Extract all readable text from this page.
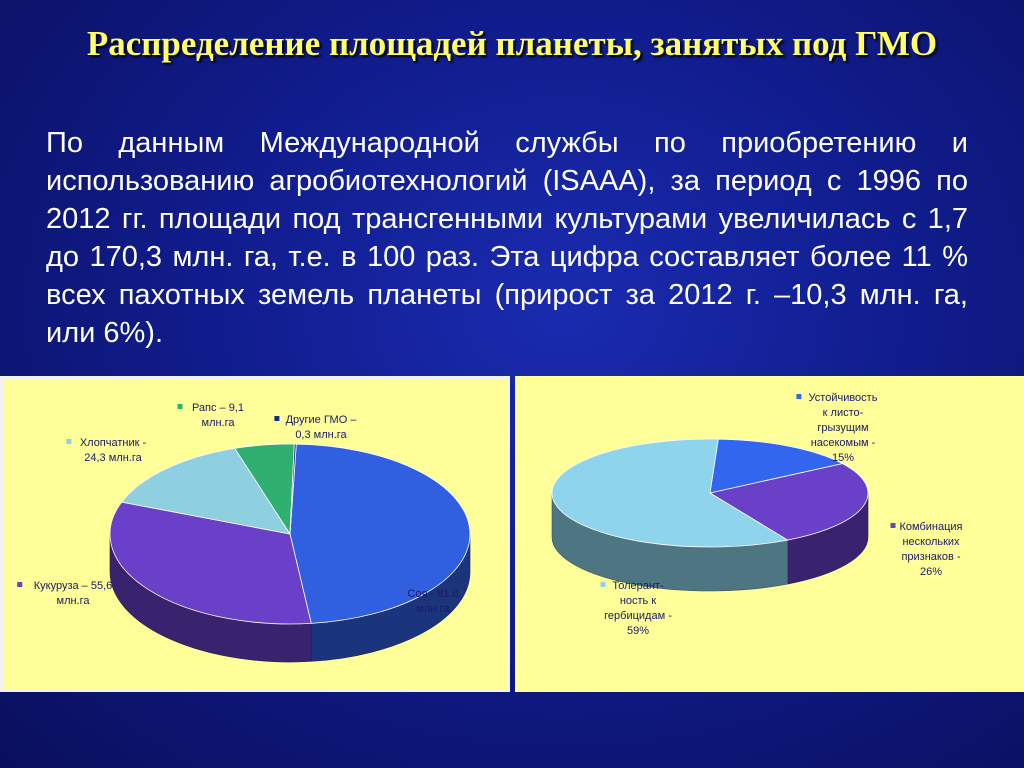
Распределение площадей планеты, занятых под ГМО
По данным Международной службы по приобретению и использованию агробиотехнологий (ISAAA), за период с 1996 по 2012 гг. площади под трансгенными культурами увеличилась с 1,7 до 170,3 млн. га, т.е. в 100 раз. Эта цифра составляет более 11 % всех пахотных земель планеты (прирост за 2012 г. –10,3 млн. га, или 6%).
Соя - 81,0
млн.га
Кукуруза – 55,6
млн.га
Хлопчатник -
24,3 млн.га
Рапс – 9,1
млн.га	Другие ГМО –
0,3 млн.га
Устойчивость
к листо-
грызущим
насекомым -
15%
Комбинация
нескольких
признаков -
26%
Толерант-
ность к
гербицидам -
59%
